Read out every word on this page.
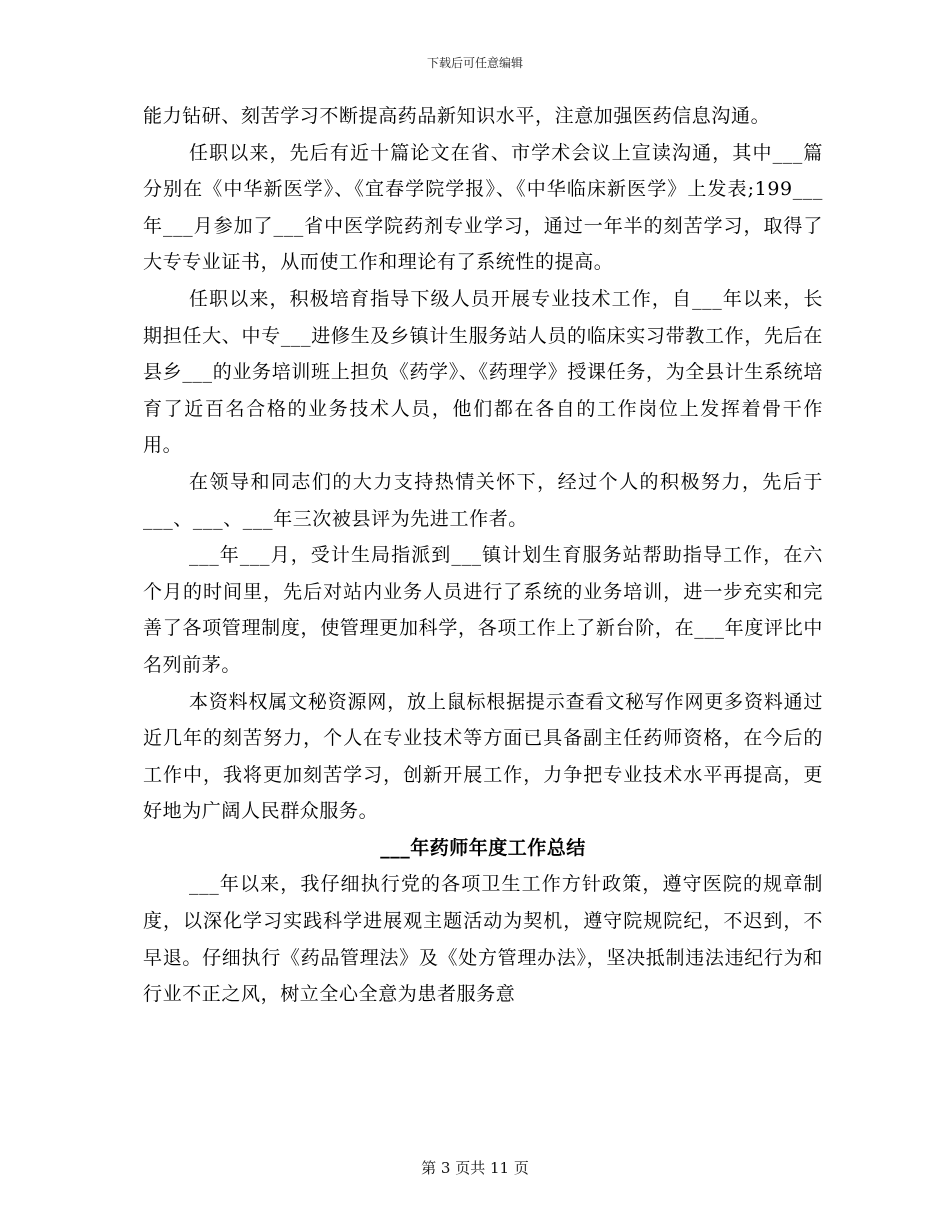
下载后可任意编辑

能力钻研、刻苦学习不断提高药品新知识水平，注意加强医药信息沟通。

任职以来，先后有近十篇论文在省、市学术会议上宣读沟通，其中___篇分别在《中华新医学》、《宜春学院学报》、《中华临床新医学》上发表;199___年___月参加了___省中医学院药剂专业学习，通过一年半的刻苦学习，取得了大专专业证书，从而使工作和理论有了系统性的提高。

任职以来，积极培育指导下级人员开展专业技术工作，自___年以来，长期担任大、中专___进修生及乡镇计生服务站人员的临床实习带教工作，先后在县乡___的业务培训班上担负《药学》、《药理学》授课任务，为全县计生系统培育了近百名合格的业务技术人员，他们都在各自的工作岗位上发挥着骨干作用。

在领导和同志们的大力支持热情关怀下，经过个人的积极努力，先后于___、___、___年三次被县评为先进工作者。

___年___月，受计生局指派到___镇计划生育服务站帮助指导工作，在六个月的时间里，先后对站内业务人员进行了系统的业务培训，进一步充实和完善了各项管理制度，使管理更加科学，各项工作上了新台阶，在___年度评比中名列前茅。

本资料权属文秘资源网，放上鼠标根据提示查看文秘写作网更多资料通过近几年的刻苦努力，个人在专业技术等方面已具备副主任药师资格，在今后的工作中，我将更加刻苦学习，创新开展工作，力争把专业技术水平再提高，更好地为广阔人民群众服务。

___年药师年度工作总结

___年以来，我仔细执行党的各项卫生工作方针政策，遵守医院的规章制度，以深化学习实践科学进展观主题活动为契机，遵守院规院纪，不迟到，不早退。仔细执行《药品管理法》及《处方管理办法》，坚决抵制违法违纪行为和行业不正之风，树立全心全意为患者服务意

第 3 页共 11 页
